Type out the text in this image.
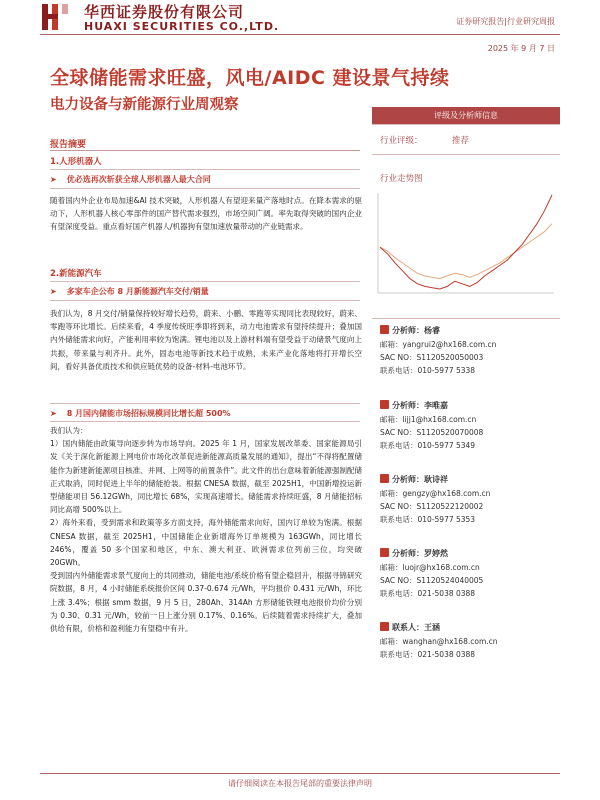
华西证券股份有限公司
HUAXI SECURITIES CO.,LTD.	证券研究报告|行业研究周报
2025 年 9 月 7 日
全球储能需求旺盛，风电/AIDC 建设景气持续
电力设备与新能源行业周观察
评级及分析师信息
行业评级：	推荐
行业走势图
分析师：杨睿
邮箱：yangrui2@hx168.com.cn
SAC NO：S1120520050003
联系电话：010-5977 5338
分析师：李唯嘉
邮箱：lijj1@hx168.com.cn
SAC NO：S1120520070008
联系电话：010-5977 5349
分析师：耿诗祥
邮箱：gengzy@hx168.com.cn
SAC NO：S1120522120002
联系电话：010-5977 5353
分析师：罗婷然
邮箱：luojr@hx168.com.cn
SAC NO：S1120524040005
联系电话：021-5038 0388
联系人：王涵
邮箱：wanghan@hx168.com.cn
联系电话：021-5038 0388
报告摘要
1.人形机器人
➤ 优必选再次斩获全球人形机器人最大合同
随着国内外企业布局加速&AI 技术突破，人形机器人有望迎来量产落地时点。在降本需求的驱动下，人形机器人核心零部件的国产替代需求强烈，市场空间广阔。率先取得突破的国内企业有望深度受益。重点看好国产机器人/机器狗有望加速放量带动的产业链需求。
2.新能源汽车
➤ 多家车企公布 8 月新能源汽车交付/销量
我们认为，8 月交付/销量保持较好增长趋势，蔚来、小鹏、零跑等实现同比表现较好，蔚来、零跑等环比增长。后续来看，4 季度传统旺季即将到来，动力电池需求有望持续提升；叠加国内外储能需求向好，产能利用率较为饱满。锂电池以及上游材料端有望受益于动储景气度向上共振，带来量与利齐升。此外，固态电池等新技术趋于成熟，未来产业化落地将打开增长空间，看好具备优质技术和供应链优势的设备-材料-电池环节。
➤ 8 月国内储能市场招标规模同比增长超 500%
我们认为：
1）国内储能由政策导向逐步转为市场导向。2025 年 1 月，国家发展改革委、国家能源局引发《关于深化新能源上网电价市场化改革促进新能源高质量发展的通知》，提出“不得将配置储能作为新建新能源项目核准、并网、上网等的前置条件”。此文件的出台意味着新能源强制配储正式取消，同时促进上半年的储能抢装。根据 CNESA 数据，截至 2025H1，中国新增投运新型储能项目 56.12GWh，同比增长 68%，实现高速增长。储能需求持续旺盛，8 月储能招标同比高增 500%以上。
2）海外来看，受到需求和政策等多方面支持，海外储能需求向好，国内订单较为饱满。根据 CNESA 数据，截至 2025H1，中国储能企业新增海外订单规模为 163GWh，同比增长 246%，覆盖 50 多个国家和地区，中东、澳大利亚、欧洲需求位列前三位，均突破 20GWh。
受到国内外储能需求景气度向上的共同推动，储能电池/系统价格有望企稳回升，根据寻锦研究院数据，8 月，4 小时储能系统报价区间 0.37-0.674 元/Wh，平均报价 0.431 元/Wh，环比上涨 3.4%；根据 smm 数据，9 月 5 日，280Ah、314Ah 方形储能铁锂电池报价均价分别为 0.30、0.31 元/Wh，较前一日上涨分别 0.17%、0.16%。后续随着需求持续扩大，叠加供给有限，价格和盈利能力有望稳中有升。
请仔细阅读在本报告尾部的重要法律声明
